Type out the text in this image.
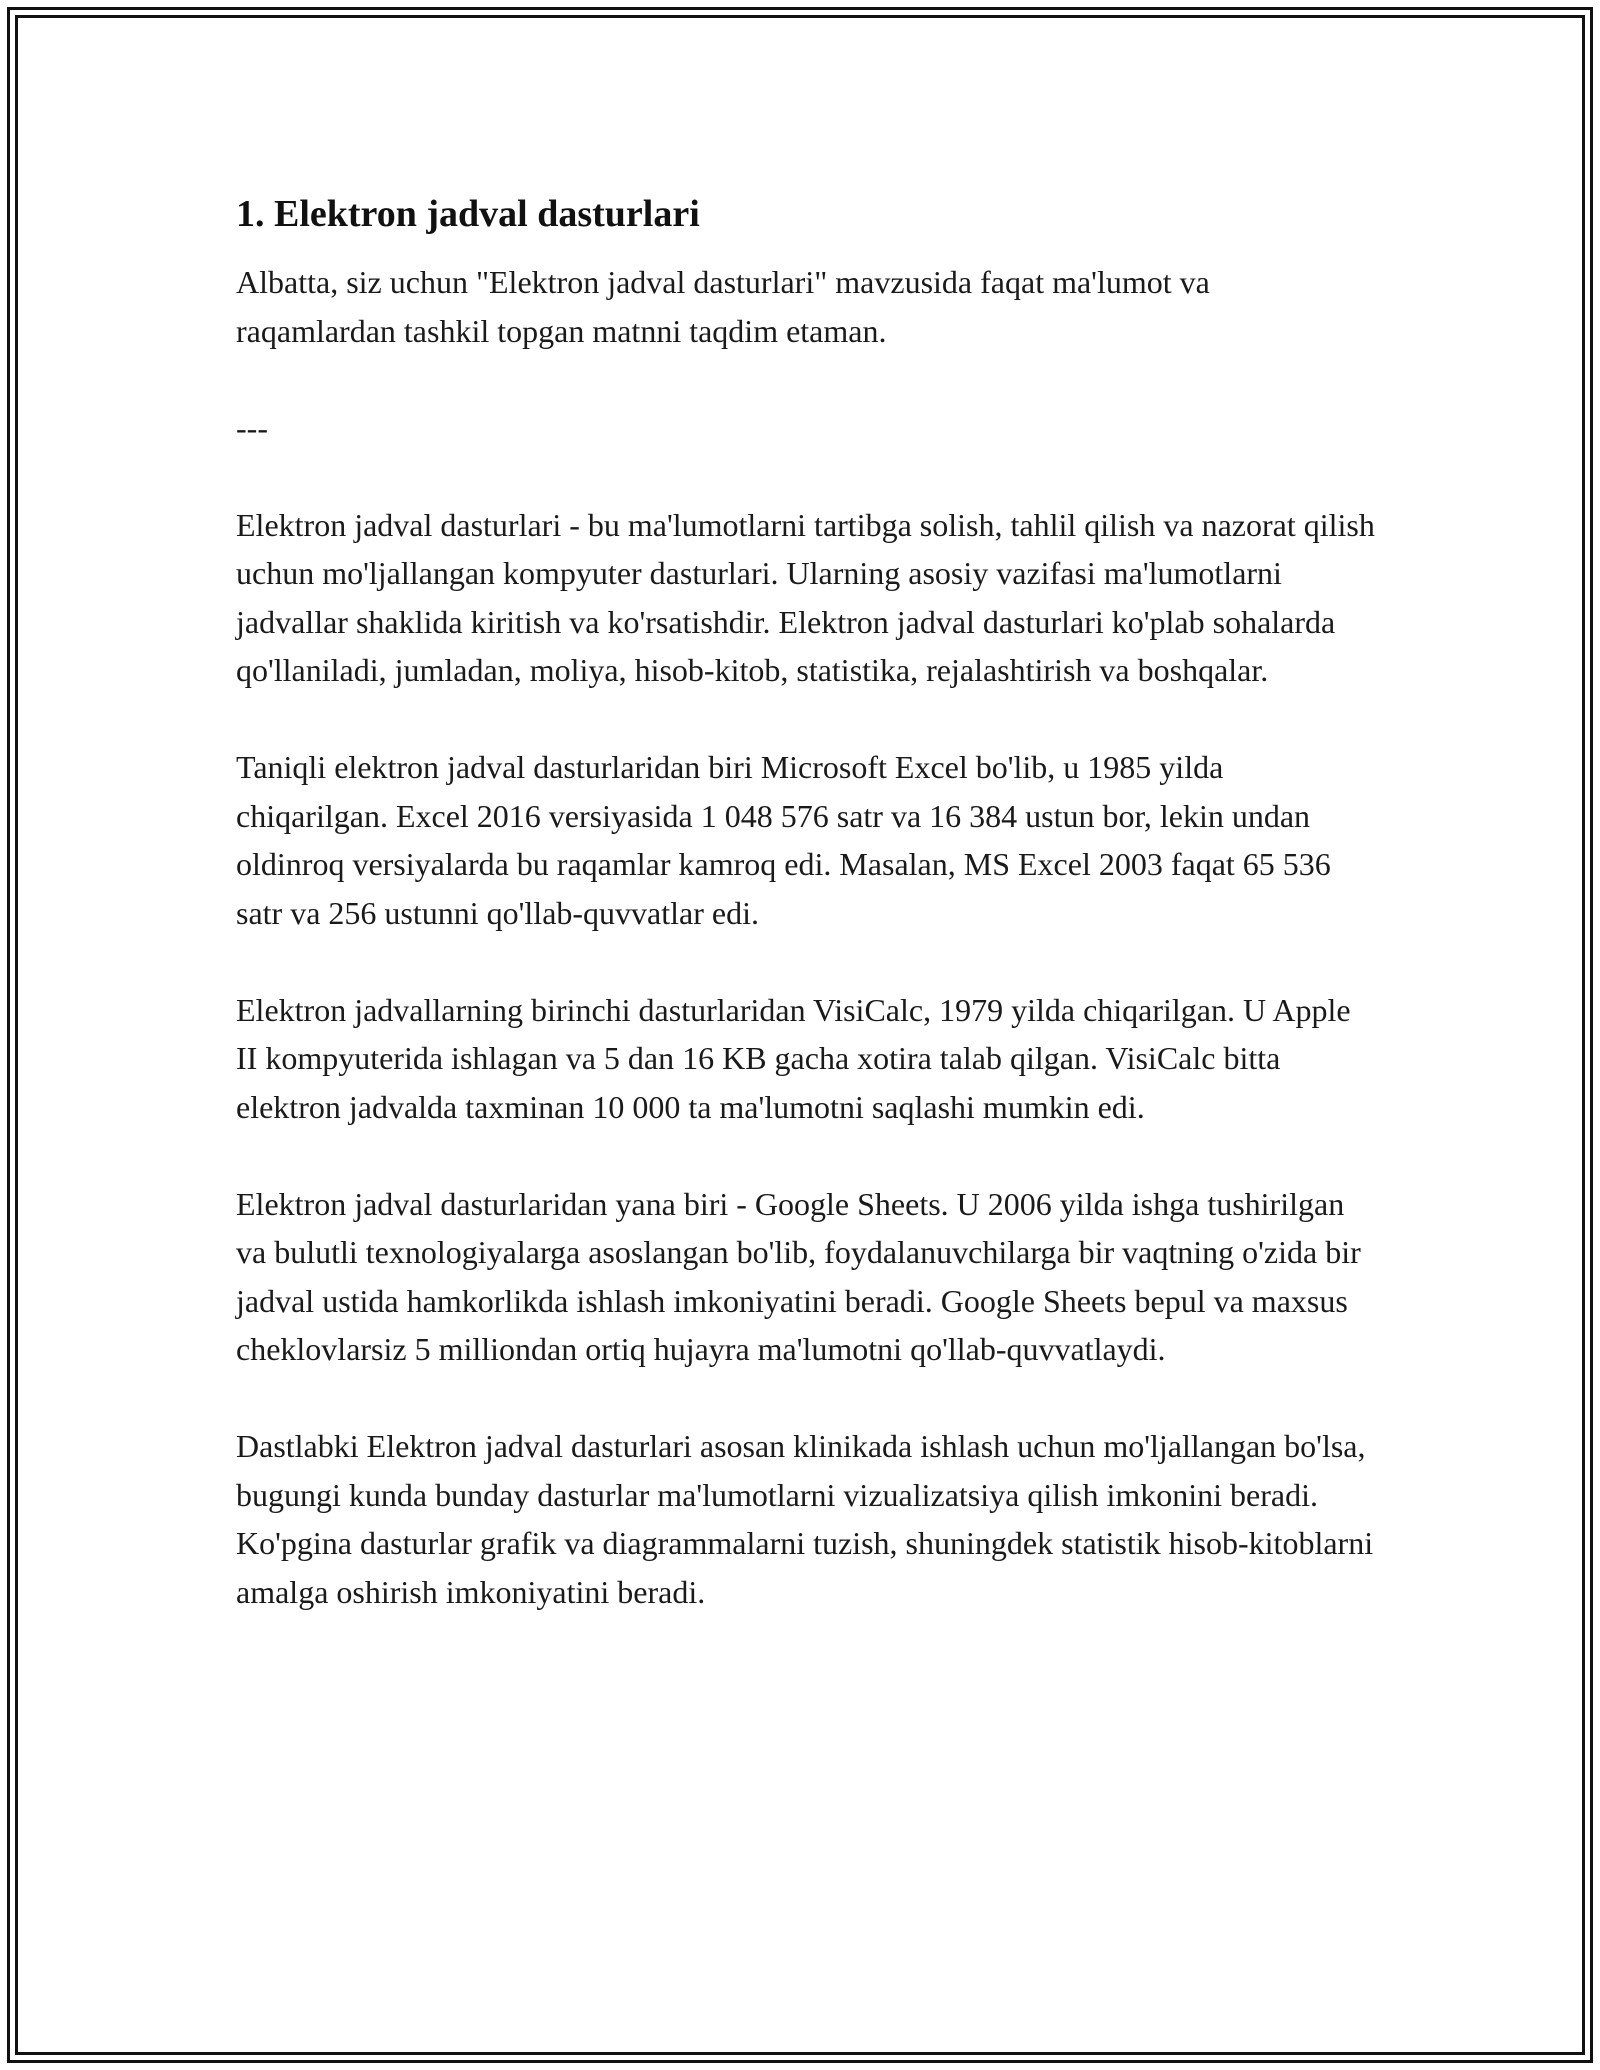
1. Elektron jadval dasturlari

Albatta, siz uchun "Elektron jadval dasturlari" mavzusida faqat ma'lumot va raqamlardan tashkil topgan matnni taqdim etaman.

---

Elektron jadval dasturlari - bu ma'lumotlarni tartibga solish, tahlil qilish va nazorat qilish uchun mo'ljallangan kompyuter dasturlari. Ularning asosiy vazifasi ma'lumotlarni jadvallar shaklida kiritish va ko'rsatishdir. Elektron jadval dasturlari ko'plab sohalarda qo'llaniladi, jumladan, moliya, hisob-kitob, statistika, rejalashtirish va boshqalar.

Taniqli elektron jadval dasturlaridan biri Microsoft Excel bo'lib, u 1985 yilda chiqarilgan. Excel 2016 versiyasida 1 048 576 satr va 16 384 ustun bor, lekin undan oldinroq versiyalarda bu raqamlar kamroq edi. Masalan, MS Excel 2003 faqat 65 536 satr va 256 ustunni qo'llab-quvvatlar edi.

Elektron jadvallarning birinchi dasturlaridan VisiCalc, 1979 yilda chiqarilgan. U Apple II kompyuterida ishlagan va 5 dan 16 KB gacha xotira talab qilgan. VisiCalc bitta elektron jadvalda taxminan 10 000 ta ma'lumotni saqlashi mumkin edi.

Elektron jadval dasturlaridan yana biri - Google Sheets. U 2006 yilda ishga tushirilgan va bulutli texnologiyalarga asoslangan bo'lib, foydalanuvchilarga bir vaqtning o'zida bir jadval ustida hamkorlikda ishlash imkoniyatini beradi. Google Sheets bepul va maxsus cheklovlarsiz 5 milliondan ortiq hujayra ma'lumotni qo'llab-quvvatlaydi.

Dastlabki Elektron jadval dasturlari asosan klinikada ishlash uchun mo'ljallangan bo'lsa, bugungi kunda bunday dasturlar ma'lumotlarni vizualizatsiya qilish imkonini beradi. Ko'pgina dasturlar grafik va diagrammalarni tuzish, shuningdek statistik hisob-kitoblarni amalga oshirish imkoniyatini beradi.
